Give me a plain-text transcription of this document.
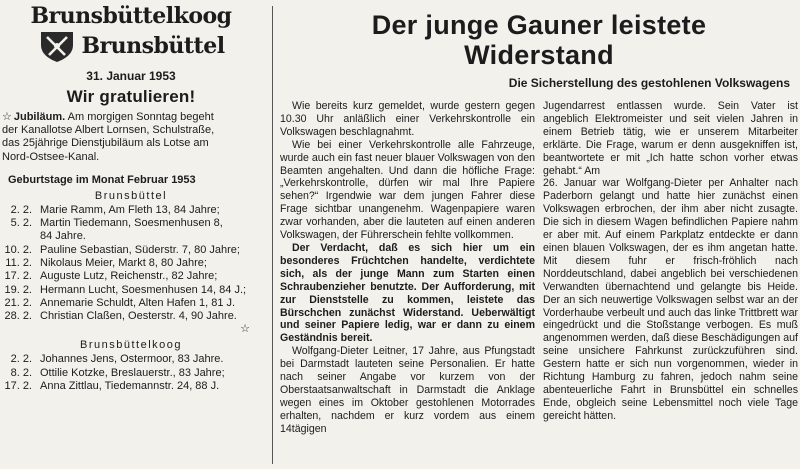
Brunsbüttelkoog
Brunsbüttel
31. Januar 1953
Wir gratulieren!
☆ Jubiläum. Am morgigen Sonntag begeht
der Kanallotse Albert Lornsen, Schulstraße,
das 25jährige Dienstjubiläum als Lotse am
Nord-Ostsee-Kanal.
Geburtstage im Monat Februar 1953
Brunsbüttel
2. 2. Marie Ramm, Am Fleth 13, 84 Jahre;
5. 2. Martin Tiedemann, Soesmenhusen 8,
84 Jahre.
10. 2. Pauline Sebastian, Süderstr. 7, 80 Jahre;
11. 2. Nikolaus Meier, Markt 8, 80 Jahre;
17. 2. Auguste Lutz, Reichenstr., 82 Jahre;
19. 2. Hermann Lucht, Soesmenhusen 14, 84 J.;
21. 2. Annemarie Schuldt, Alten Hafen 1, 81 J.
28. 2. Christian Claßen, Oesterstr. 4, 90 Jahre.
☆
Brunsbüttelkoog
2. 2. Johannes Jens, Ostermoor, 83 Jahre.
8. 2. Ottilie Kotzke, Breslauerstr., 83 Jahre;
17. 2. Anna Zittlau, Tiedemannstr. 24, 88 J.
Der junge Gauner leistete
Widerstand
Die Sicherstellung des gestohlenen Volkswagens

Wie bereits kurz gemeldet, wurde gestern gegen 10.30 Uhr anläßlich einer Verkehrskontrolle ein Volkswagen beschlagnahmt.

Wie bei einer Verkehrskontrolle alle Fahrzeuge, wurde auch ein fast neuer blauer Volkswagen von den Beamten angehalten. Und dann die höfliche Frage: „Verkehrskontrolle, dürfen wir mal Ihre Papiere sehen?“ Irgendwie war dem jungen Fahrer diese Frage sichtbar unangenehm. Wagenpapiere waren zwar vorhanden, aber die lauteten auf einen anderen Volkswagen, der Führerschein fehlte vollkommen.

Der Verdacht, daß es sich hier um ein besonderes Früchtchen handelte, verdichtete sich, als der junge Mann zum Starten einen Schraubenzieher benutzte. Der Aufforderung, mit zur Dienststelle zu kommen, leistete das Bürschchen zunächst Widerstand. Ueberwältigt und seiner Papiere ledig, war er dann zu einem Geständnis bereit.

Wolfgang-Dieter Leitner, 17 Jahre, aus Pfungstadt bei Darmstadt lauteten seine Personalien. Er hatte nach seiner Angabe vor kurzem von der Oberstaatsanwaltschaft in Darmstadt die Anklage wegen eines im Oktober gestohlenen Motorrades erhalten, nachdem er kurz vordem aus einem 14tägigen

Jugendarrest entlassen wurde. Sein Vater ist angeblich Elektromeister und seit vielen Jahren in einem Betrieb tätig, wie er unserem Mitarbeiter erklärte. Die Frage, warum er denn ausgekniffen ist, beantwortete er mit „Ich hatte schon vorher etwas gehabt.“ Am

26. Januar war Wolfgang-Dieter per Anhalter nach Paderborn gelangt und hatte hier zunächst einen Volkswagen erbrochen, der ihm aber nicht zusagte. Die sich in diesem Wagen befindlichen Papiere nahm er aber mit. Auf einem Parkplatz entdeckte er dann einen blauen Volkswagen, der es ihm angetan hatte. Mit diesem fuhr er frisch-fröhlich nach Norddeutschland, dabei angeblich bei verschiedenen Verwandten übernachtend und gelangte bis Heide. Der an sich neuwertige Volkswagen selbst war an der Vorderhaube verbeult und auch das linke Trittbrett war eingedrückt und die Stoßstange verbogen. Es muß angenommen werden, daß diese Beschädigungen auf seine unsichere Fahrkunst zurückzuführen sind. Gestern hatte er sich nun vorgenommen, wieder in Richtung Hamburg zu fahren, jedoch nahm seine abenteuerliche Fahrt in Brunsbüttel ein schnelles Ende, obgleich seine Lebensmittel noch viele Tage gereicht hätten.
